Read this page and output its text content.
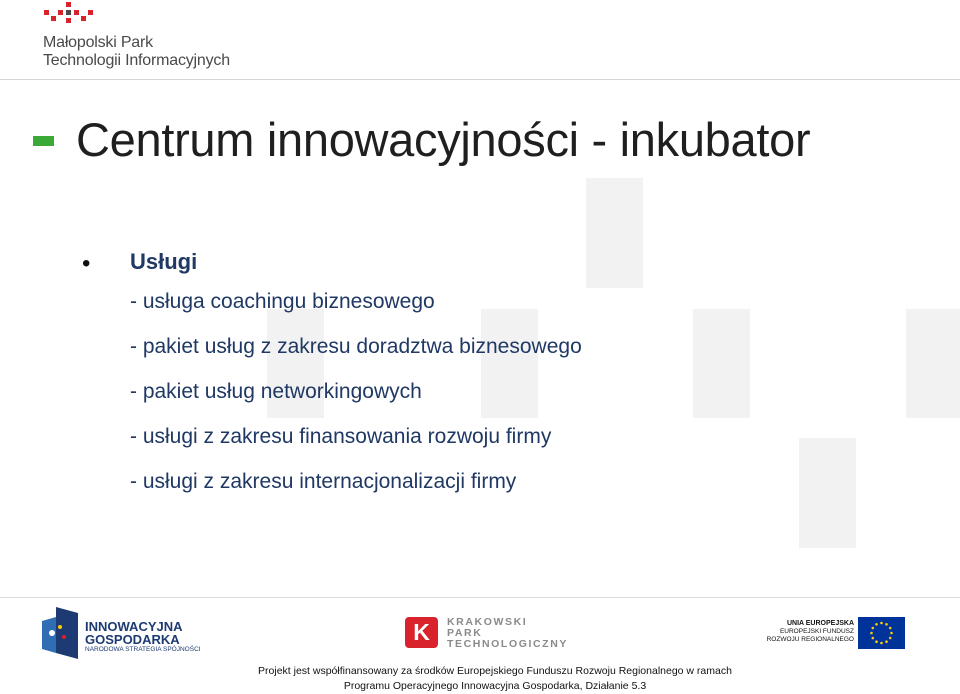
Małopolski Park
Technologii Informacyjnych
Centrum innowacyjności - inkubator
• Usługi
- usługa coachingu biznesowego
- pakiet usług z zakresu doradztwa biznesowego
- pakiet usług networkingowych
- usługi z zakresu finansowania rozwoju firmy
- usługi z zakresu internacjonalizacji firmy
INNOWACYJNA
GOSPODARKA
NARODOWA STRATEGIA SPÓJNOŚCI
K	KRAKOWSKI
PARK
TECHNOLOGICZNY
UNIA EUROPEJSKA
EUROPEJSKI FUNDUSZ
ROZWOJU REGIONALNEGO
Projekt jest współfinansowany za środków Europejskiego Funduszu Rozwoju Regionalnego w ramach
Programu Operacyjnego Innowacyjna Gospodarka, Działanie 5.3
